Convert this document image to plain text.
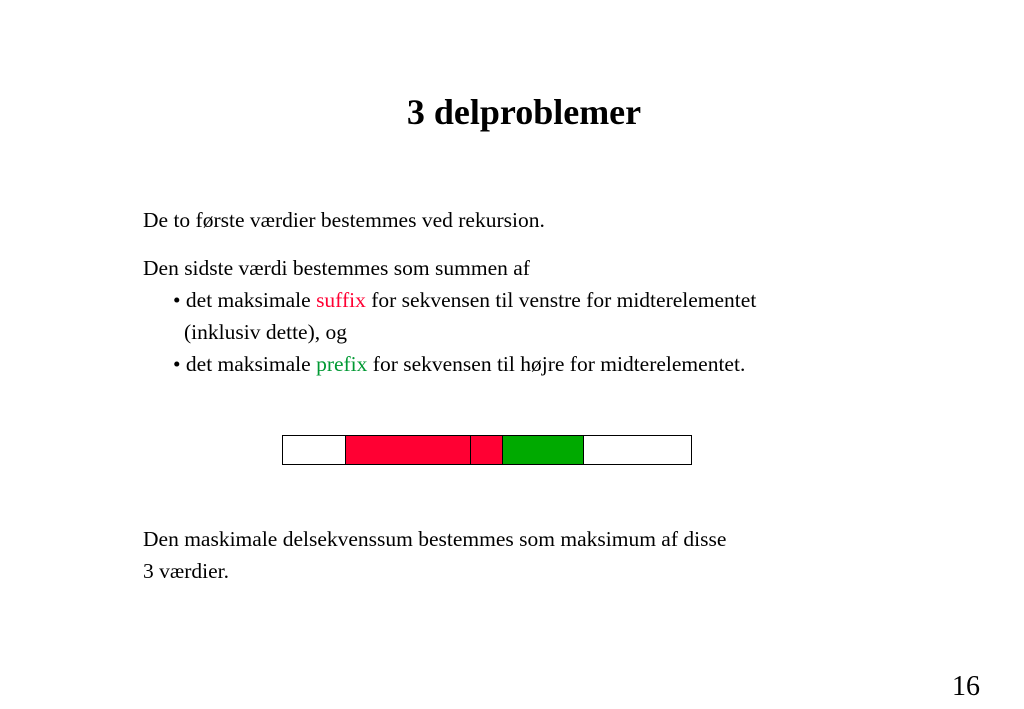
3 delproblemer

De to første værdier bestemmes ved rekursion.

Den sidste værdi bestemmes som summen af

• det maksimale suffix for sekvensen til venstre for midterelementet

(inklusiv dette), og

• det maksimale prefix for sekvensen til højre for midterelementet.

Den maskimale delsekvenssum bestemmes som maksimum af disse
3 værdier.

16
